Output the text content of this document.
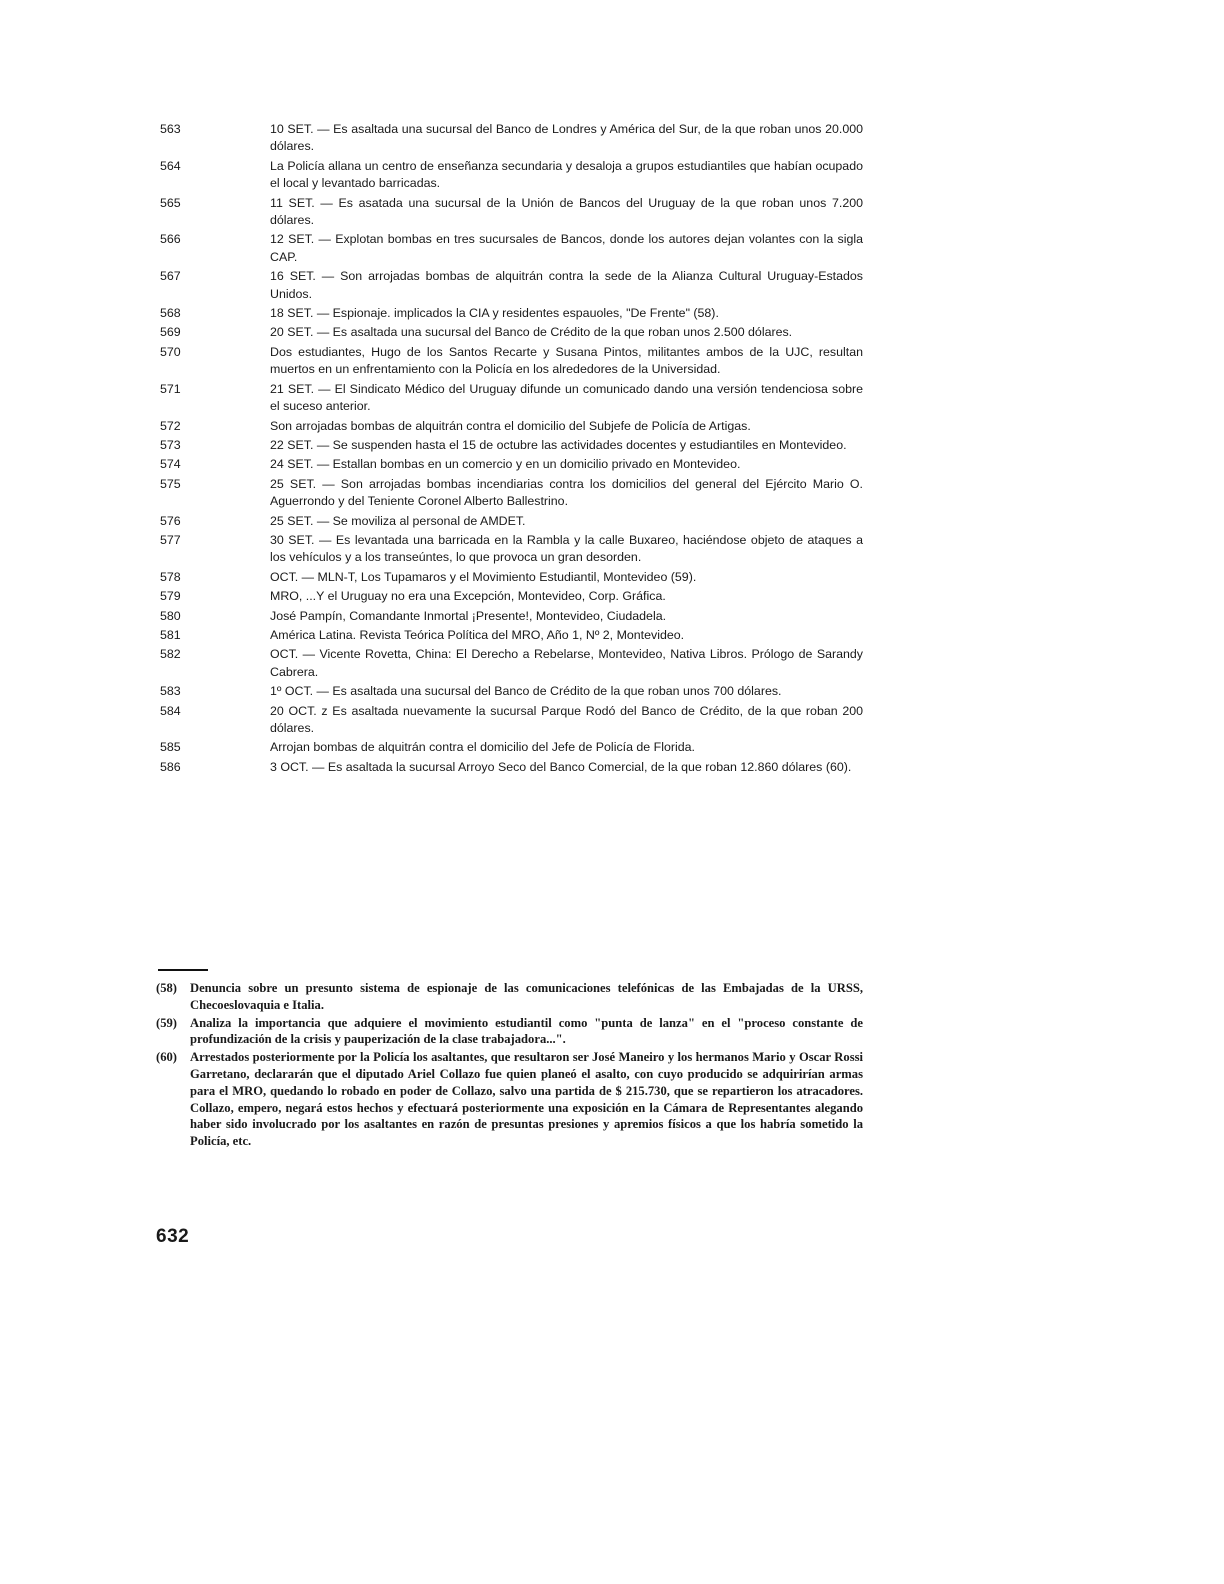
563	10 SET. — Es asaltada una sucursal del Banco de Londres y América del Sur, de la que roban unos 20.000 dólares.
564	La Policía allana un centro de enseñanza secundaria y desaloja a grupos estudiantiles que habían ocupado el local y levantado barricadas.
565	11 SET. — Es asatada una sucursal de la Unión de Bancos del Uruguay de la que roban unos 7.200 dólares.
566	12 SET. — Explotan bombas en tres sucursales de Bancos, donde los autores dejan volantes con la sigla CAP.
567	16 SET. — Son arrojadas bombas de alquitrán contra la sede de la Alianza Cultural Uruguay-Estados Unidos.
568	18 SET. — Espionaje. implicados la CIA y residentes espauoles, "De Frente" (58).
569	20 SET. — Es asaltada una sucursal del Banco de Crédito de la que roban unos 2.500 dólares.
570	Dos estudiantes, Hugo de los Santos Recarte y Susana Pintos, militantes ambos de la UJC, resultan muertos en un enfrentamiento con la Policía en los alrededores de la Universidad.
571	21 SET. — El Sindicato Médico del Uruguay difunde un comunicado dando una versión tendenciosa sobre el suceso anterior.
572	Son arrojadas bombas de alquitrán contra el domicilio del Subjefe de Policía de Artigas.
573	22 SET. — Se suspenden hasta el 15 de octubre las actividades docentes y estudiantiles en Montevideo.
574	24 SET. — Estallan bombas en un comercio y en un domicilio privado en Montevideo.
575	25 SET. — Son arrojadas bombas incendiarias contra los domicilios del general del Ejército Mario O. Aguerrondo y del Teniente Coronel Alberto Ballestrino.
576	25 SET. — Se moviliza al personal de AMDET.
577	30 SET. — Es levantada una barricada en la Rambla y la calle Buxareo, haciéndose objeto de ataques a los vehículos y a los transeúntes, lo que provoca un gran desorden.
578	OCT. — MLN-T, Los Tupamaros y el Movimiento Estudiantil, Montevideo (59).
579	MRO, ...Y el Uruguay no era una Excepción, Montevideo, Corp. Gráfica.
580	José Pampín, Comandante Inmortal ¡Presente!, Montevideo, Ciudadela.
581	América Latina. Revista Teórica Política del MRO, Año 1, Nº 2, Montevideo.
582	OCT. — Vicente Rovetta, China: El Derecho a Rebelarse, Montevideo, Nativa Libros. Prólogo de Sarandy Cabrera.
583	1º OCT. — Es asaltada una sucursal del Banco de Crédito de la que roban unos 700 dólares.
584	20 OCT. z Es asaltada nuevamente la sucursal Parque Rodó del Banco de Crédito, de la que roban 200 dólares.
585	Arrojan bombas de alquitrán contra el domicilio del Jefe de Policía de Florida.
586	3 OCT. — Es asaltada la sucursal Arroyo Seco del Banco Comercial, de la que roban 12.860 dólares (60).
(58)	Denuncia sobre un presunto sistema de espionaje de las comunicaciones telefónicas de las Embajadas de la URSS, Checoeslovaquia e Italia.
(59)	Analiza la importancia que adquiere el movimiento estudiantil como "punta de lanza" en el "proceso constante de profundización de la crisis y pauperización de la clase trabajadora...".
(60)	Arrestados posteriormente por la Policía los asaltantes, que resultaron ser José Maneiro y los hermanos Mario y Oscar Rossi Garretano, declararán que el diputado Ariel Collazo fue quien planeó el asalto, con cuyo producido se adquirirían armas para el MRO, quedando lo robado en poder de Collazo, salvo una partida de $ 215.730, que se repartieron los atracadores. Collazo, empero, negará estos hechos y efectuará posteriormente una exposición en la Cámara de Representantes alegando haber sido involucrado por los asaltantes en razón de presuntas presiones y apremios físicos a que los habría sometido la Policía, etc.
632
